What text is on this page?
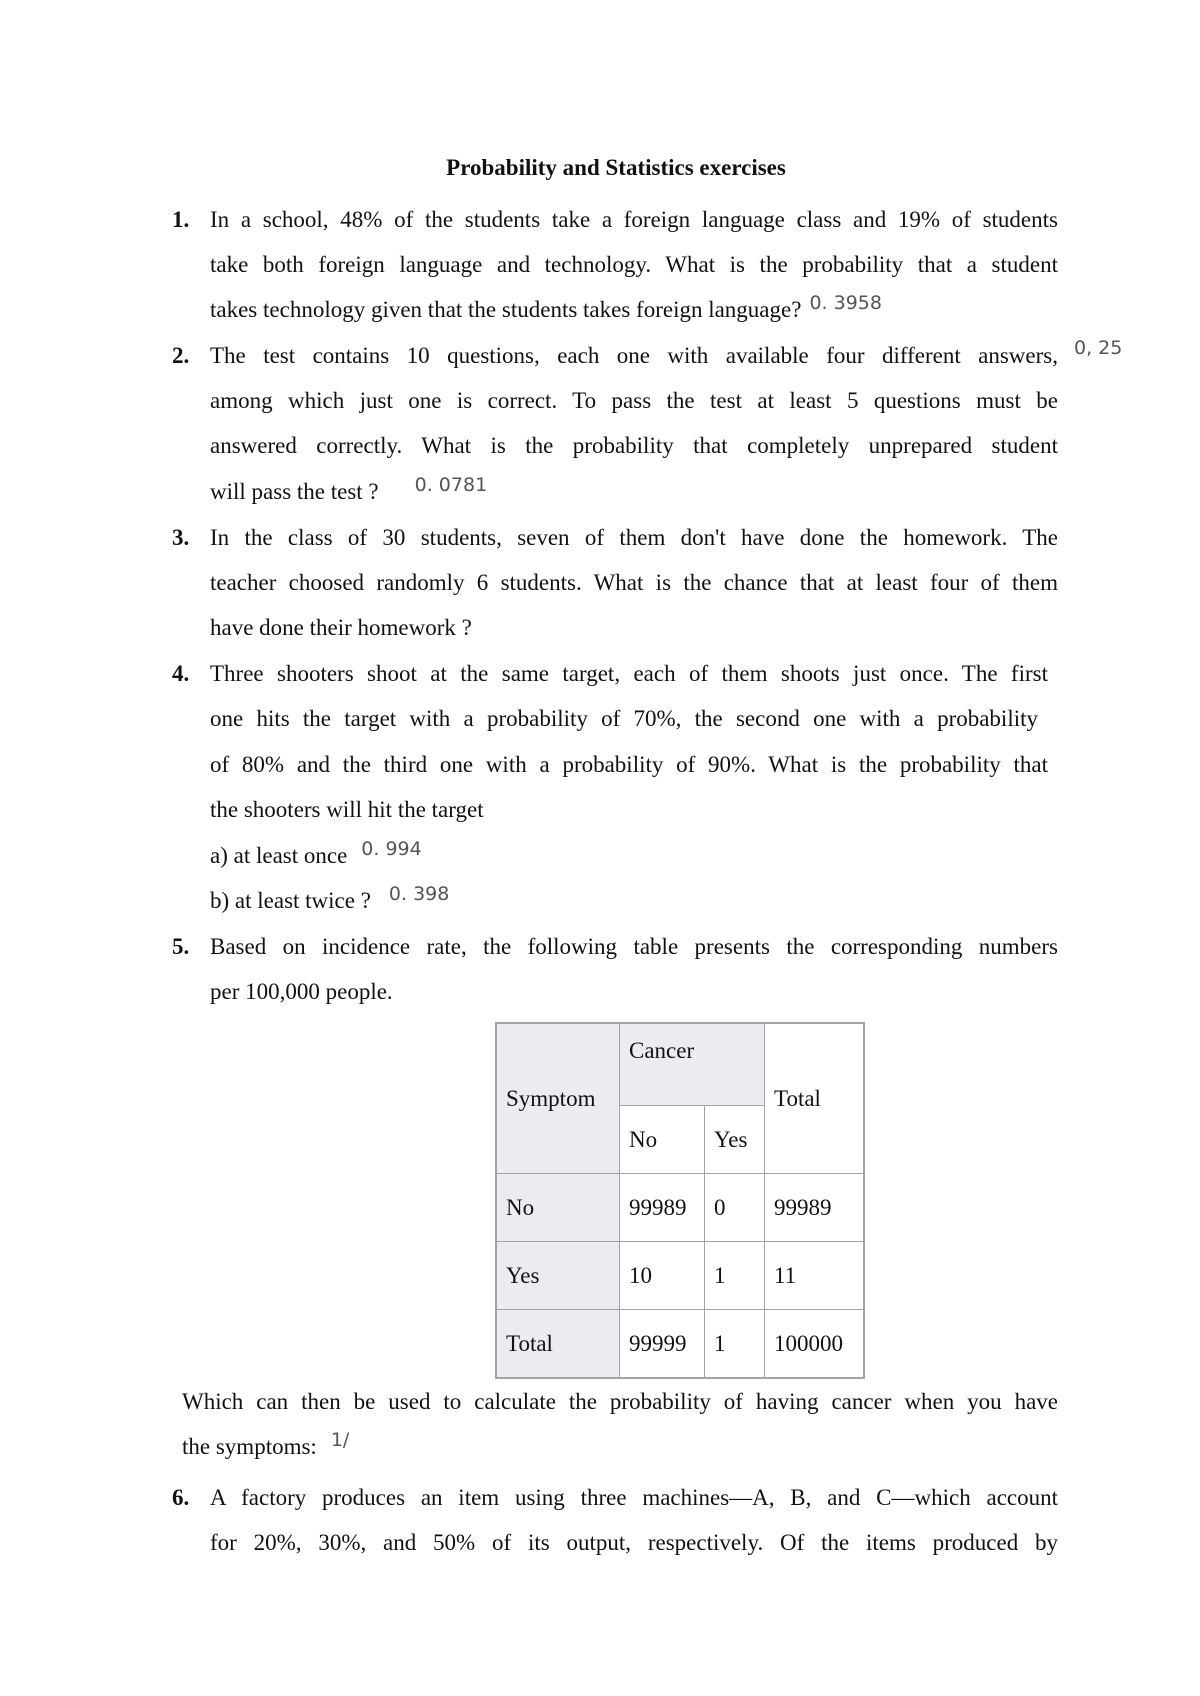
Probability and Statistics exercises
1. In a school, 48% of the students take a foreign language class and 19% of students
take both foreign language and technology. What is the probability that a student
takes technology given that the students takes foreign language? $^{0. 3958}$
2. The test contains 10 questions, each one with available four different answers, 0, 25
among which just one is correct. To pass the test at least 5 questions must be
answered correctly. What is the probability that completely unprepared student
will pass the test ? $^{0. 0781}$
3. In the class of 30 students, seven of them don't have done the homework. The
teacher choosed randomly 6 students. What is the chance that at least four of them
have done their homework ?
4. Three shooters shoot at the same target, each of them shoots just once. The first
one hits the target with a probability of 70%, the second one with a probability
of 80% and the third one with a probability of 90%. What is the probability that
the shooters will hit the target
a) at least once $^{0. 994}$
b) at least twice ? $^{0. 398}$
5. Based on incidence rate, the following table presents the corresponding numbers
per 100,000 people.
Symptom	Cancer		Total
	No	Yes	
No	99989	0	99989
Yes	10	1	11
Total	99999	1	100000
Which can then be used to calculate the probability of having cancer when you have
the symptoms: $^{1/}$
6. A factory produces an item using three machines—A, B, and C—which account
for 20%, 30%, and 50% of its output, respectively. Of the items produced by
